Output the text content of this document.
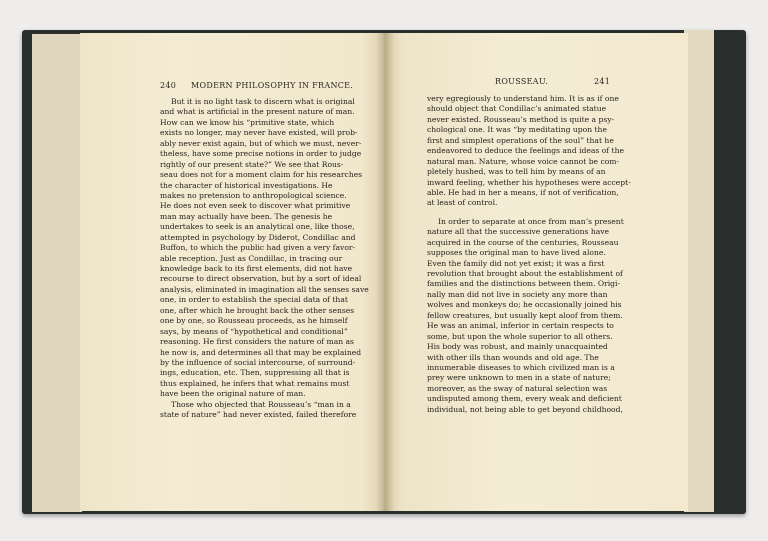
240 MODERN PHILOSOPHY IN FRANCE.	ROUSSEAU.	241
But it is no light task to discern what is original
and what is artificial in the present nature of man.
How can we know his “primitive state, which
exists no longer, may never have existed, will prob-
ably never exist again, but of which we must, never-
theless, have some precise notions in order to judge
rightly of our present state?” We see that Rous-
seau does not for a moment claim for his researches
the character of historical investigations. He
makes no pretension to anthropological science.
He does not even seek to discover what primitive
man may actually have been. The genesis he
undertakes to seek is an analytical one, like those,
attempted in psychology by Diderot, Condillac and
Buffon, to which the public had given a very favor-
able reception. Just as Condillac, in tracing our
knowledge back to its first elements, did not have
recourse to direct observation, but by a sort of ideal
analysis, eliminated in imagination all the senses save
one, in order to establish the special data of that
one, after which he brought back the other senses
one by one, so Rousseau proceeds, as he himself
says, by means of “hypothetical and conditional”
reasoning. He first considers the nature of man as
he now is, and determines all that may be explained
by the influence of social intercourse, of surround-
ings, education, etc. Then, suppressing all that is
thus explained, he infers that what remains must
have been the original nature of man.
Those who objected that Rousseau’s “man in a
state of nature” had never existed, failed therefore
very egregiously to understand him. It is as if one
should object that Condillac’s animated statue
never existed. Rousseau’s method is quite a psy-
chological one. It was “by meditating upon the
first and simplest operations of the soul” that he
endeavored to deduce the feelings and ideas of the
natural man. Nature, whose voice cannot be com-
pletely hushed, was to tell him by means of an
inward feeling, whether his hypotheses were accept-
able. He had in her a means, if not of verification,
at least of control.
In order to separate at once from man’s present
nature all that the successive generations have
acquired in the course of the centuries, Rousseau
supposes the original man to have lived alone.
Even the family did not yet exist; it was a first
revolution that brought about the establishment of
families and the distinctions between them. Origi-
nally man did not live in society any more than
wolves and monkeys do; he occasionally joined his
fellow creatures, but usually kept aloof from them.
He was an animal, inferior in certain respects to
some, but upon the whole superior to all others.
His body was robust, and mainly unacquainted
with other ills than wounds and old age. The
innumerable diseases to which civilized man is a
prey were unknown to men in a state of nature;
moreover, as the sway of natural selection was
undisputed among them, every weak and deficient
individual, not being able to get beyond childhood,
